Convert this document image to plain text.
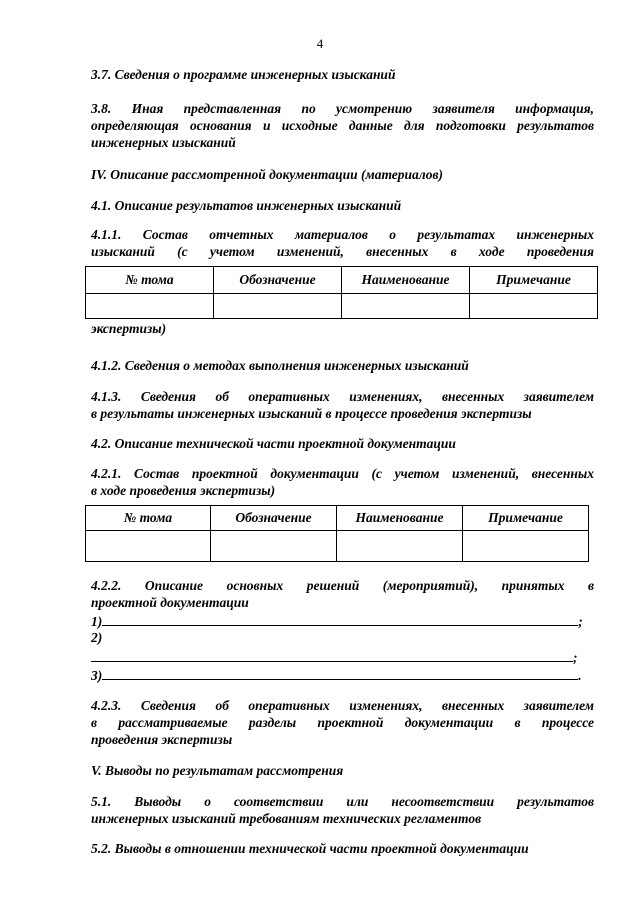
4
3.7. Сведения о программе инженерных изысканий
3.8. Иная представленная по усмотрению заявителя информация,
определяющая основания и исходные данные для подготовки результатов
инженерных изысканий
IV. Описание рассмотренной документации (материалов)
4.1. Описание результатов инженерных изысканий
4.1.1. Состав отчетных материалов о результатах инженерных
изысканий (с учетом изменений, внесенных в ходе проведения
№ тома	Обозначение	Наименование	Примечание

экспертизы)
4.1.2. Сведения о методах выполнения инженерных изысканий
4.1.3. Сведения об оперативных изменениях, внесенных заявителем
в результаты инженерных изысканий в процессе проведения экспертизы
4.2. Описание технической части проектной документации
4.2.1. Состав проектной документации (с учетом изменений, внесенных
в ходе проведения экспертизы)
№ тома	Обозначение	Наименование	Примечание

4.2.2. Описание основных решений (мероприятий), принятых в
проектной документации
1)	;
2)
;
3)	.
4.2.3. Сведения об оперативных изменениях, внесенных заявителем
в рассматриваемые разделы проектной документации в процессе
проведения экспертизы
V. Выводы по результатам рассмотрения
5.1. Выводы о соответствии или несоответствии результатов
инженерных изысканий требованиям технических регламентов
5.2. Выводы в отношении технической части проектной документации
